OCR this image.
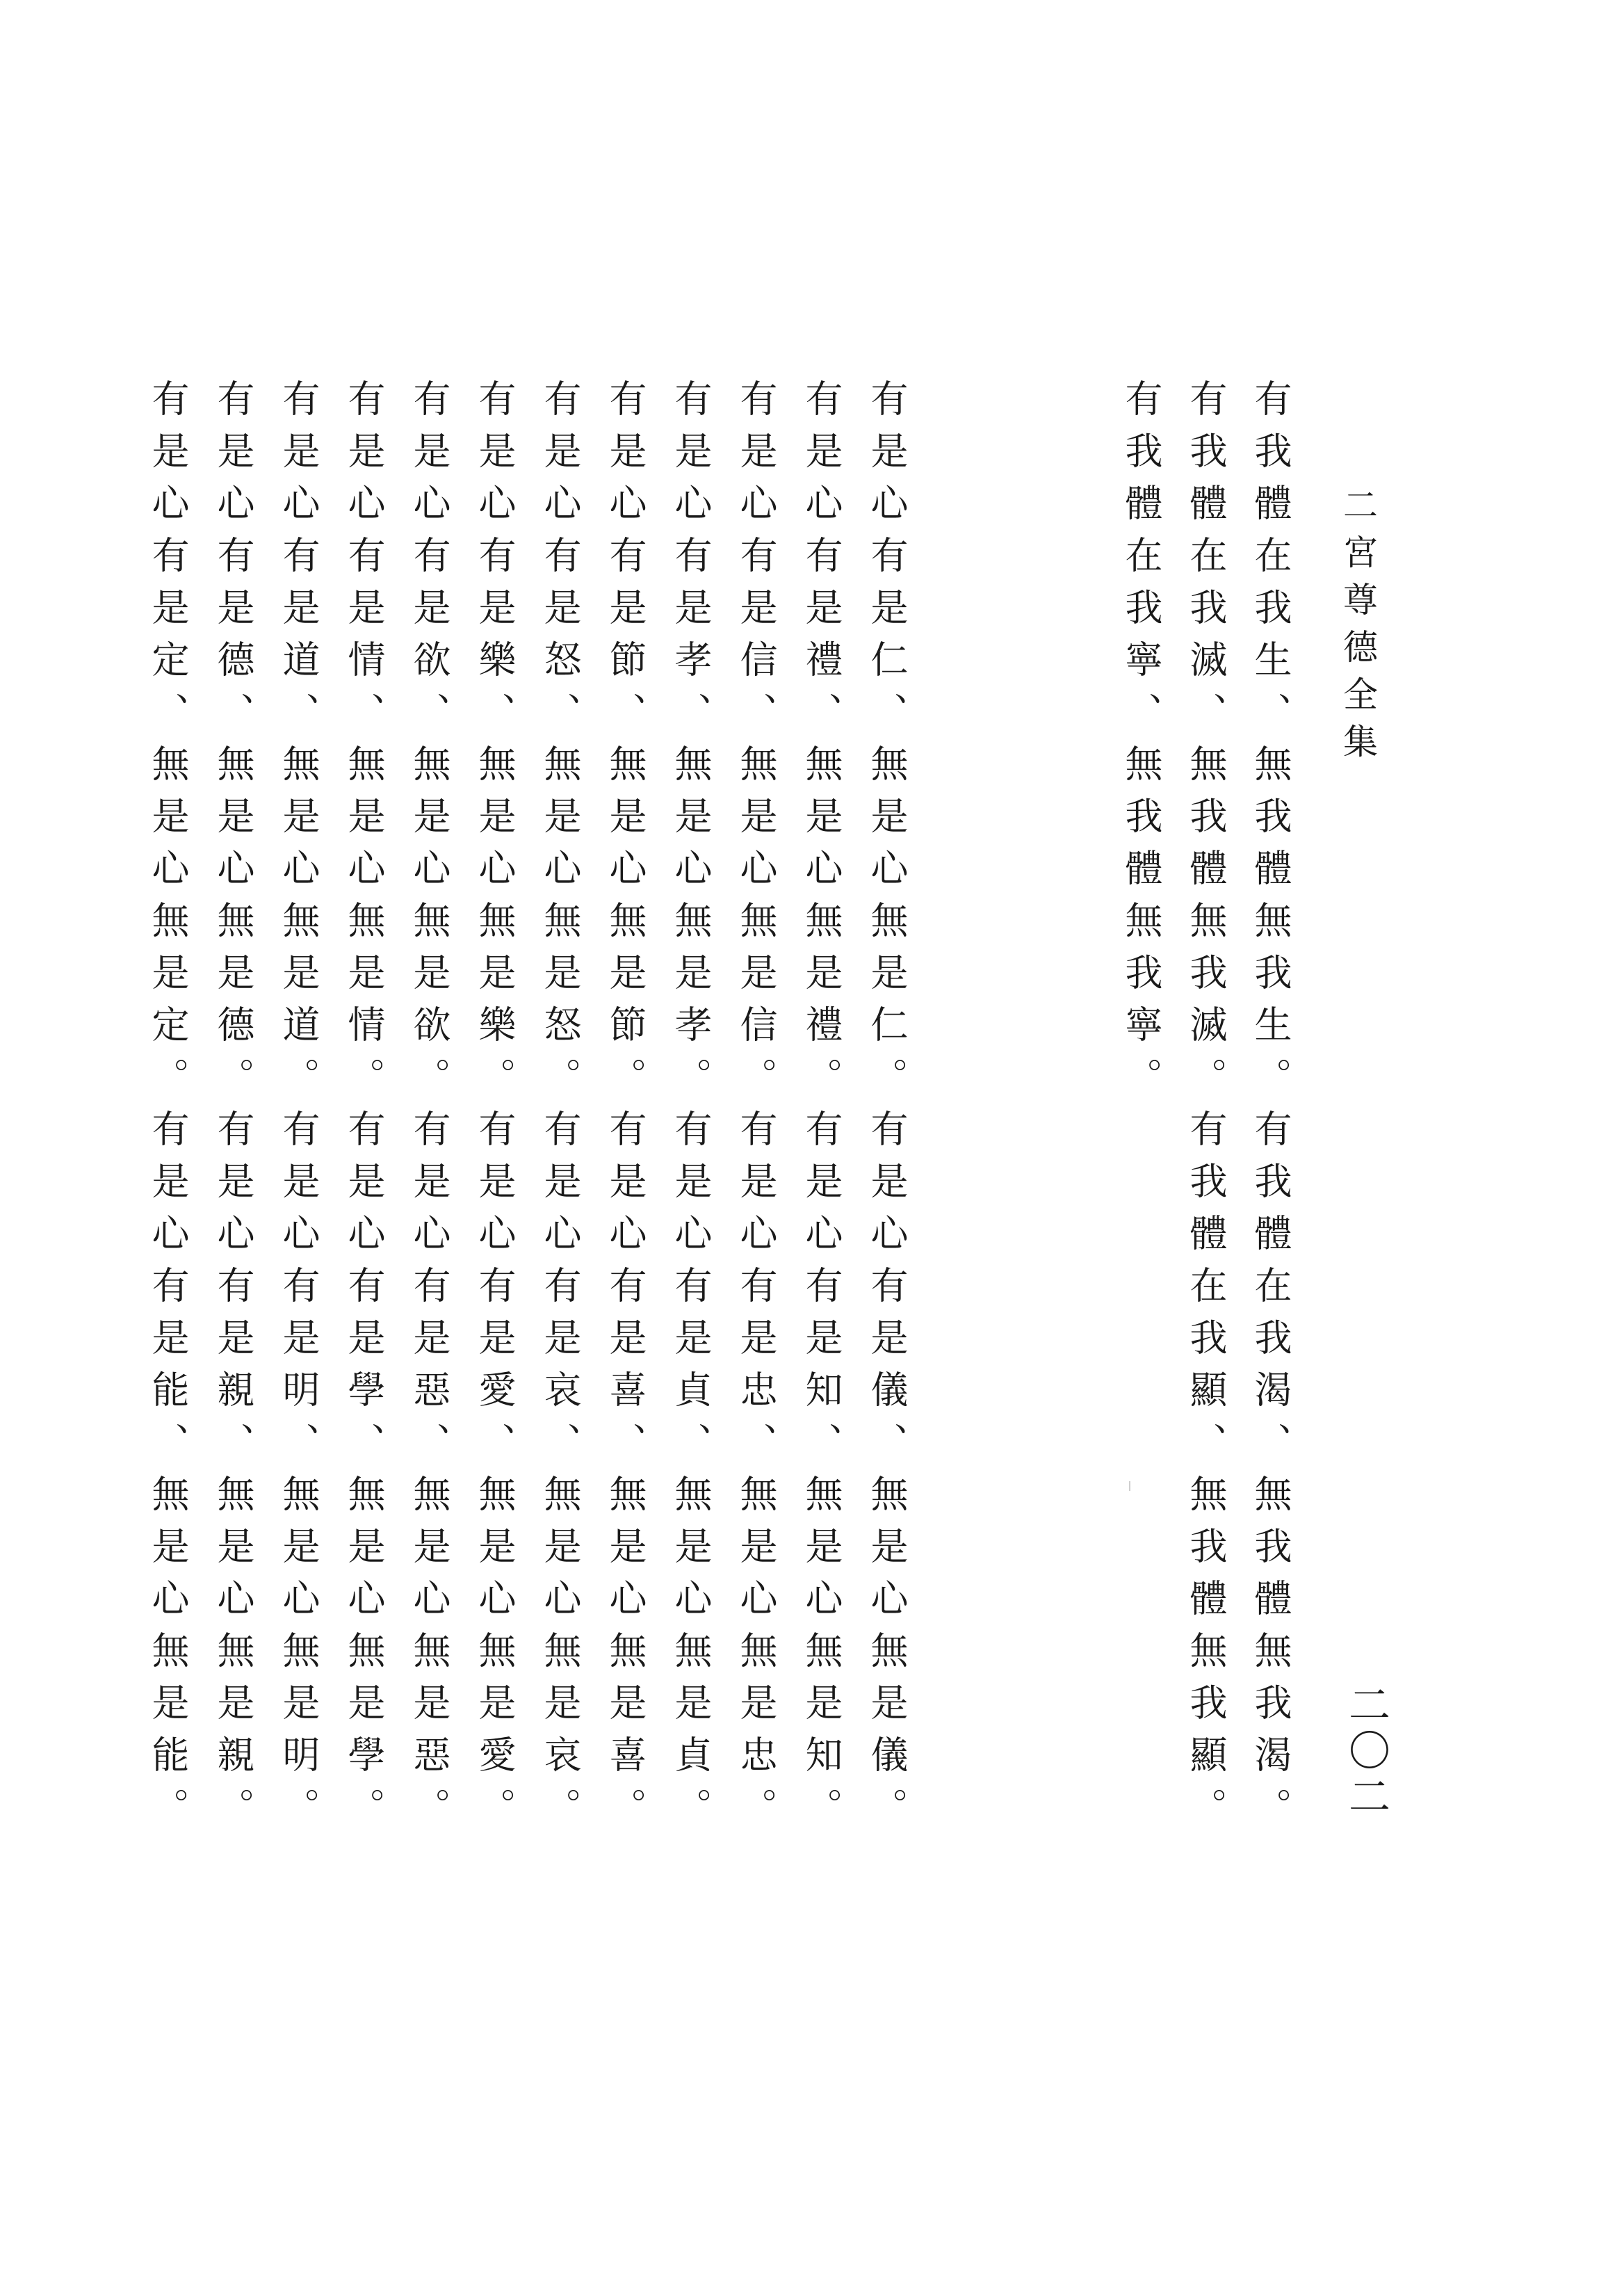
二宮尊德全集
有我體在我生、無我體無我生。有我體在我渴、無我體無我渴。
有我體在我滅、無我體無我滅。有我體在我顯、無我體無我顯。
有我體在我寧、無我體無我寧。
有是心有是仁、無是心無是仁。有是心有是儀、無是心無是儀。
有是心有是禮、無是心無是禮。有是心有是知、無是心無是知。
有是心有是信、無是心無是信。有是心有是忠、無是心無是忠。
有是心有是孝、無是心無是孝。有是心有是貞、無是心無是貞。
有是心有是節、無是心無是節。有是心有是喜、無是心無是喜。
有是心有是怒、無是心無是怒。有是心有是哀、無是心無是哀。
有是心有是樂、無是心無是樂。有是心有是愛、無是心無是愛。
有是心有是欲、無是心無是欲。有是心有是惡、無是心無是惡。
有是心有是情、無是心無是情。有是心有是學、無是心無是學。
有是心有是道、無是心無是道。有是心有是明、無是心無是明。
有是心有是德、無是心無是德。有是心有是親、無是心無是親。
有是心有是定、無是心無是定。有是心有是能、無是心無是能。	二〇二
